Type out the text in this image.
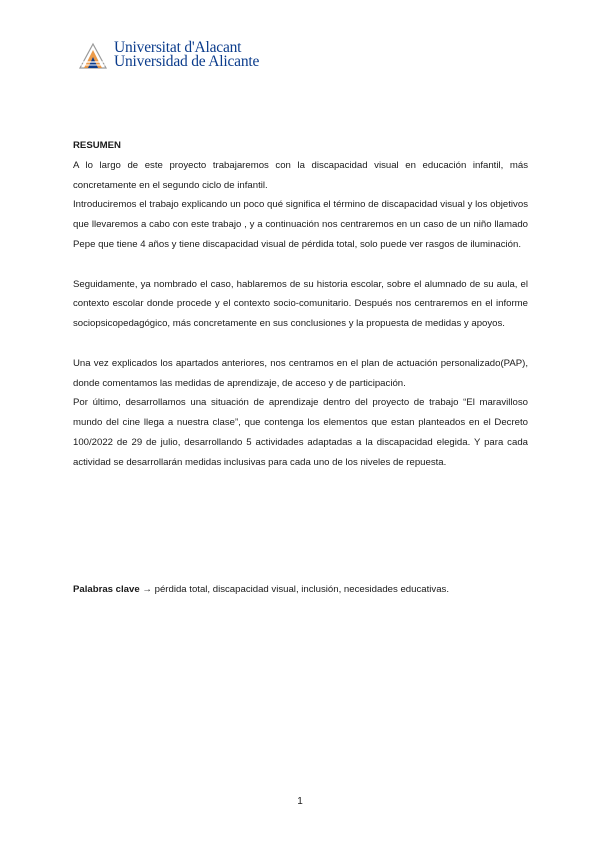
Universitat d'Alacant
Universidad de Alicante

RESUMEN

A lo largo de este proyecto trabajaremos con la discapacidad visual en educación infantil, más concretamente en el segundo ciclo de infantil.

Introduciremos el trabajo explicando un poco qué significa el término de discapacidad visual y los objetivos que llevaremos a cabo con este trabajo , y a continuación nos centraremos en un caso de un niño llamado Pepe que tiene 4 años y tiene discapacidad visual de pérdida total, solo puede ver rasgos de iluminación.

Seguidamente, ya nombrado el caso, hablaremos de su historia escolar, sobre el alumnado de su aula, el contexto escolar donde procede y el contexto socio-comunitario. Después nos centraremos en el informe sociopsicopedagógico, más concretamente en sus conclusiones y la propuesta de medidas y apoyos.

Una vez explicados los apartados anteriores, nos centramos en el plan de actuación personalizado(PAP), donde comentamos las medidas de aprendizaje, de acceso y de participación.

Por último, desarrollamos una situación de aprendizaje dentro del proyecto de trabajo “El maravilloso mundo del cine llega a nuestra clase”, que contenga los elementos que estan planteados en el Decreto 100/2022 de 29 de julio, desarrollando 5 actividades adaptadas a la discapacidad elegida. Y para cada actividad se desarrollarán medidas inclusivas para cada uno de los niveles de repuesta.

Palabras clave → pérdida total, discapacidad visual, inclusión, necesidades educativas.
1
